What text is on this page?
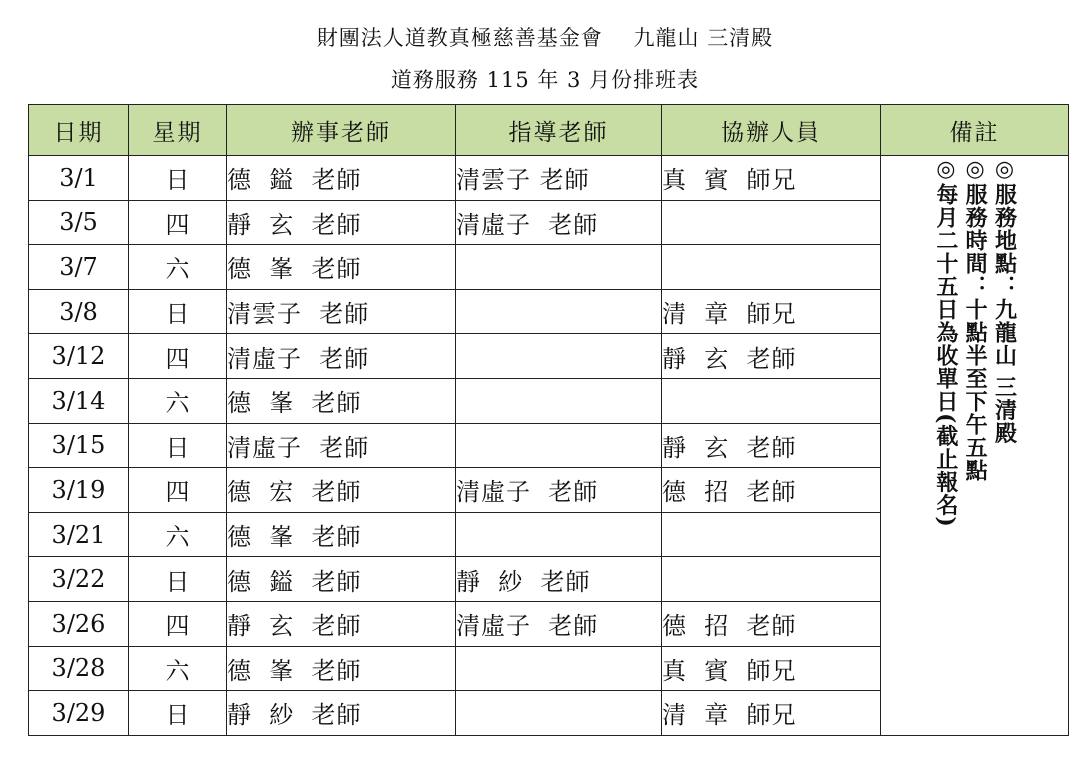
財團法人道教真極慈善基金會    九龍山 三清殿
道務服務 115 年 3 月份排班表
日期	星期	辦事老師	指導老師	協辦人員	備註
3/1	日	德  鎰  老師	清雲子 老師	真  賓  師兄	◎服務地點：九龍山 三清殿
◎服務時間：十點半至下午五點
◎每月二十五日為收單日(截止報名)

3/5	四	靜  玄  老師	清虛子  老師		
3/7	六	德  峯  老師			
3/8	日	清雲子  老師		清  章  師兄	
3/12	四	清虛子  老師		靜  玄  老師	
3/14	六	德  峯  老師			
3/15	日	清虛子  老師		靜  玄  老師	
3/19	四	德  宏  老師	清虛子  老師	德  招  老師	
3/21	六	德  峯  老師			
3/22	日	德  鎰  老師	靜  紗  老師		
3/26	四	靜  玄  老師	清虛子  老師	德  招  老師	
3/28	六	德  峯  老師		真  賓  師兄	
3/29	日	靜  紗  老師		清  章  師兄	
